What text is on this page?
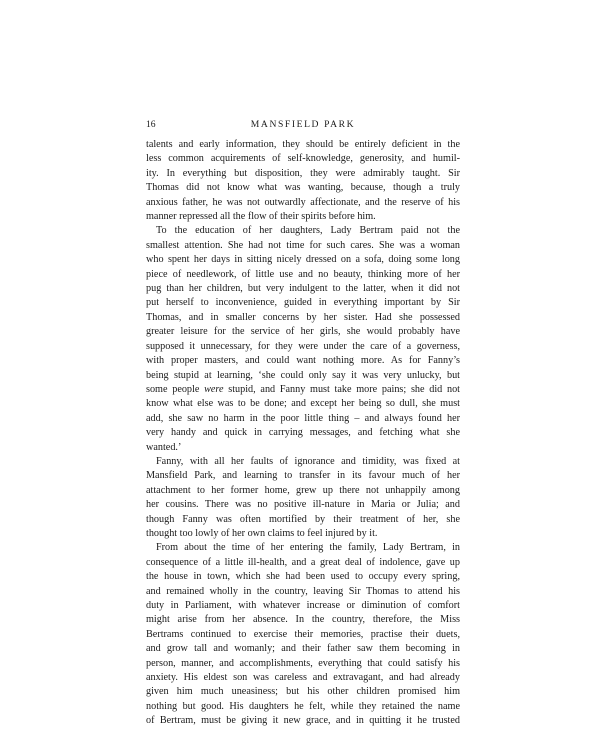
16	MANSFIELD PARK
talents and early information, they should be entirely deficient in the
less common acquirements of self-knowledge, generosity, and humil-
ity. In everything but disposition, they were admirably taught. Sir
Thomas did not know what was wanting, because, though a truly
anxious father, he was not outwardly affectionate, and the reserve of his
manner repressed all the flow of their spirits before him.
To the education of her daughters, Lady Bertram paid not the
smallest attention. She had not time for such cares. She was a woman
who spent her days in sitting nicely dressed on a sofa, doing some long
piece of needlework, of little use and no beauty, thinking more of her
pug than her children, but very indulgent to the latter, when it did not
put herself to inconvenience, guided in everything important by Sir
Thomas, and in smaller concerns by her sister. Had she possessed
greater leisure for the service of her girls, she would probably have
supposed it unnecessary, for they were under the care of a governess,
with proper masters, and could want nothing more. As for Fanny’s
being stupid at learning, ‘she could only say it was very unlucky, but
some people were stupid, and Fanny must take more pains; she did not
know what else was to be done; and except her being so dull, she must
add, she saw no harm in the poor little thing – and always found her
very handy and quick in carrying messages, and fetching what she
wanted.’
Fanny, with all her faults of ignorance and timidity, was fixed at
Mansfield Park, and learning to transfer in its favour much of her
attachment to her former home, grew up there not unhappily among
her cousins. There was no positive ill-nature in Maria or Julia; and
though Fanny was often mortified by their treatment of her, she
thought too lowly of her own claims to feel injured by it.
From about the time of her entering the family, Lady Bertram, in
consequence of a little ill-health, and a great deal of indolence, gave up
the house in town, which she had been used to occupy every spring,
and remained wholly in the country, leaving Sir Thomas to attend his
duty in Parliament, with whatever increase or diminution of comfort
might arise from her absence. In the country, therefore, the Miss
Bertrams continued to exercise their memories, practise their duets,
and grow tall and womanly; and their father saw them becoming in
person, manner, and accomplishments, everything that could satisfy his
anxiety. His eldest son was careless and extravagant, and had already
given him much uneasiness; but his other children promised him
nothing but good. His daughters he felt, while they retained the name
of Bertram, must be giving it new grace, and in quitting it he trusted
